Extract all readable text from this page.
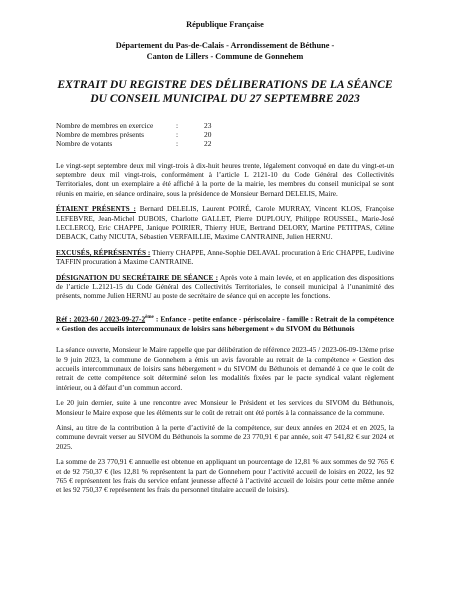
République Française
Département du Pas-de-Calais - Arrondissement de Béthune -
Canton de Lillers - Commune de Gonnehem
EXTRAIT DU REGISTRE DES DÉLIBERATIONS DE LA SÉANCE
DU CONSEIL MUNICIPAL DU 27 SEPTEMBRE 2023
Nombre de membres en exercice	:	23
Nombre de membres présents	:	20
Nombre de votants	:	22

Le vingt-sept septembre deux mil vingt-trois à dix-huit heures trente, légalement convoqué en date du vingt-et-un septembre deux mil vingt-trois, conformément à l’article L 2121-10 du Code Général des Collectivités Territoriales, dont un exemplaire a été affiché à la porte de la mairie, les membres du conseil municipal se sont réunis en mairie, en séance ordinaire, sous la présidence de Monsieur Bernard DELELIS, Maire.

ÉTAIENT PRÉSENTS : Bernard DELELIS, Laurent POIRÉ, Carole MURRAY, Vincent KLOS, Françoise LEFEBVRE, Jean-Michel DUBOIS, Charlotte GALLET, Pierre DUPLOUY, Philippe ROUSSEL, Marie-José LECLERCQ, Eric CHAPPE, Janique POIRIER, Thierry HUE, Bertrand DELORY, Martine PETITPAS, Céline DEBACK, Cathy NICUTA, Sébastien VERFAILLIE, Maxime CANTRAINE, Julien HERNU.

EXCUSÉS, RÉPRÉSENTÉS : Thierry CHAPPE, Anne-Sophie DELAVAL procuration à Eric CHAPPE, Ludivine TAFFIN procuration à Maxime CANTRAINE.

DÉSIGNATION DU SECRÉTAIRE DE SÉANCE : Après vote à main levée, et en application des dispositions de l’article L.2121-15 du Code Général des Collectivités Territoriales, le conseil municipal à l’unanimité des présents, nomme Julien HERNU au poste de secrétaire de séance qui en accepte les fonctions.

Réf : 2023-60 / 2023-09-27-2ème : Enfance - petite enfance - périscolaire - famille : Retrait de la compétence « Gestion des accueils intercommunaux de loisirs sans hébergement » du SIVOM du Béthunois

La séance ouverte, Monsieur le Maire rappelle que par délibération de référence 2023-45 / 2023-06-09-13ème prise le 9 juin 2023, la commune de Gonnehem a émis un avis favorable au retrait de la compétence « Gestion des accueils intercommunaux de loisirs sans hébergement » du SIVOM du Béthunois et demandé à ce que le coût de retrait de cette compétence soit déterminé selon les modalités fixées par le pacte syndical valant règlement intérieur, ou à défaut d’un commun accord.

Le 20 juin dernier, suite à une rencontre avec Monsieur le Président et les services du SIVOM du Béthunois, Monsieur le Maire expose que les éléments sur le coût de retrait ont été portés à la connaissance de la commune.

Ainsi, au titre de la contribution à la perte d’activité de la compétence, sur deux années en 2024 et en 2025, la commune devrait verser au SIVOM du Béthunois la somme de 23 770,91 € par année, soit 47 541,82 € sur 2024 et 2025.

La somme de 23 770,91 € annuelle est obtenue en appliquant un pourcentage de 12,81 % aux sommes de 92 765 € et de 92 750,37 € (les 12,81 % représentent la part de Gonnehem pour l’activité accueil de loisirs en 2022, les 92 765 € représentent les frais du service enfant jeunesse affecté à l’activité accueil de loisirs pour cette même année et les 92 750,37 € représentent les frais du personnel titulaire accueil de loisirs).
